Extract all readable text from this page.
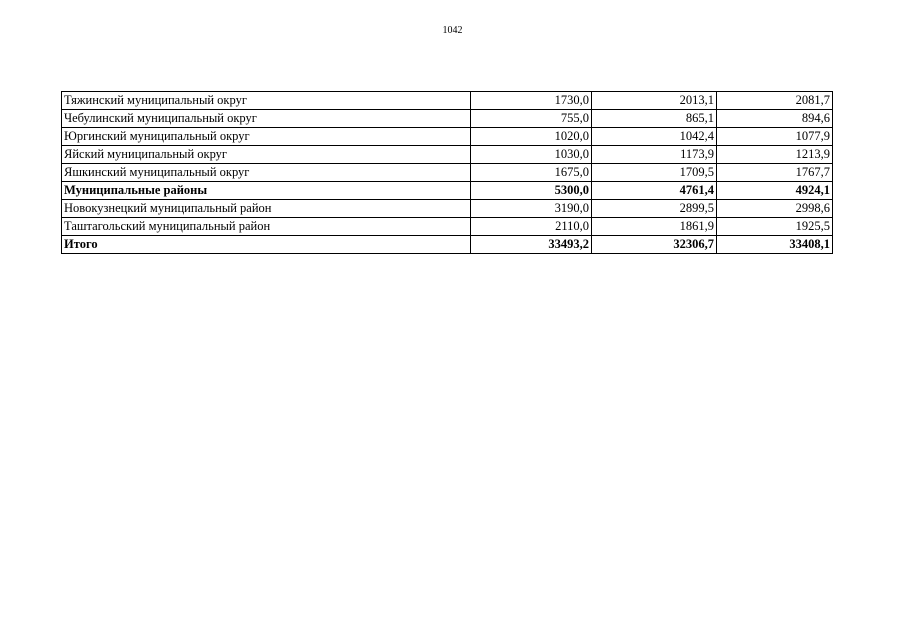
1042
Тяжинский муниципальный округ	1730,0	2013,1	2081,7
Чебулинский муниципальный округ	755,0	865,1	894,6
Юргинский муниципальный округ	1020,0	1042,4	1077,9
Яйский муниципальный округ	1030,0	1173,9	1213,9
Яшкинский муниципальный округ	1675,0	1709,5	1767,7
Муниципальные районы	5300,0	4761,4	4924,1
Новокузнецкий муниципальный район	3190,0	2899,5	2998,6
Таштагольский муниципальный район	2110,0	1861,9	1925,5
Итого	33493,2	32306,7	33408,1
